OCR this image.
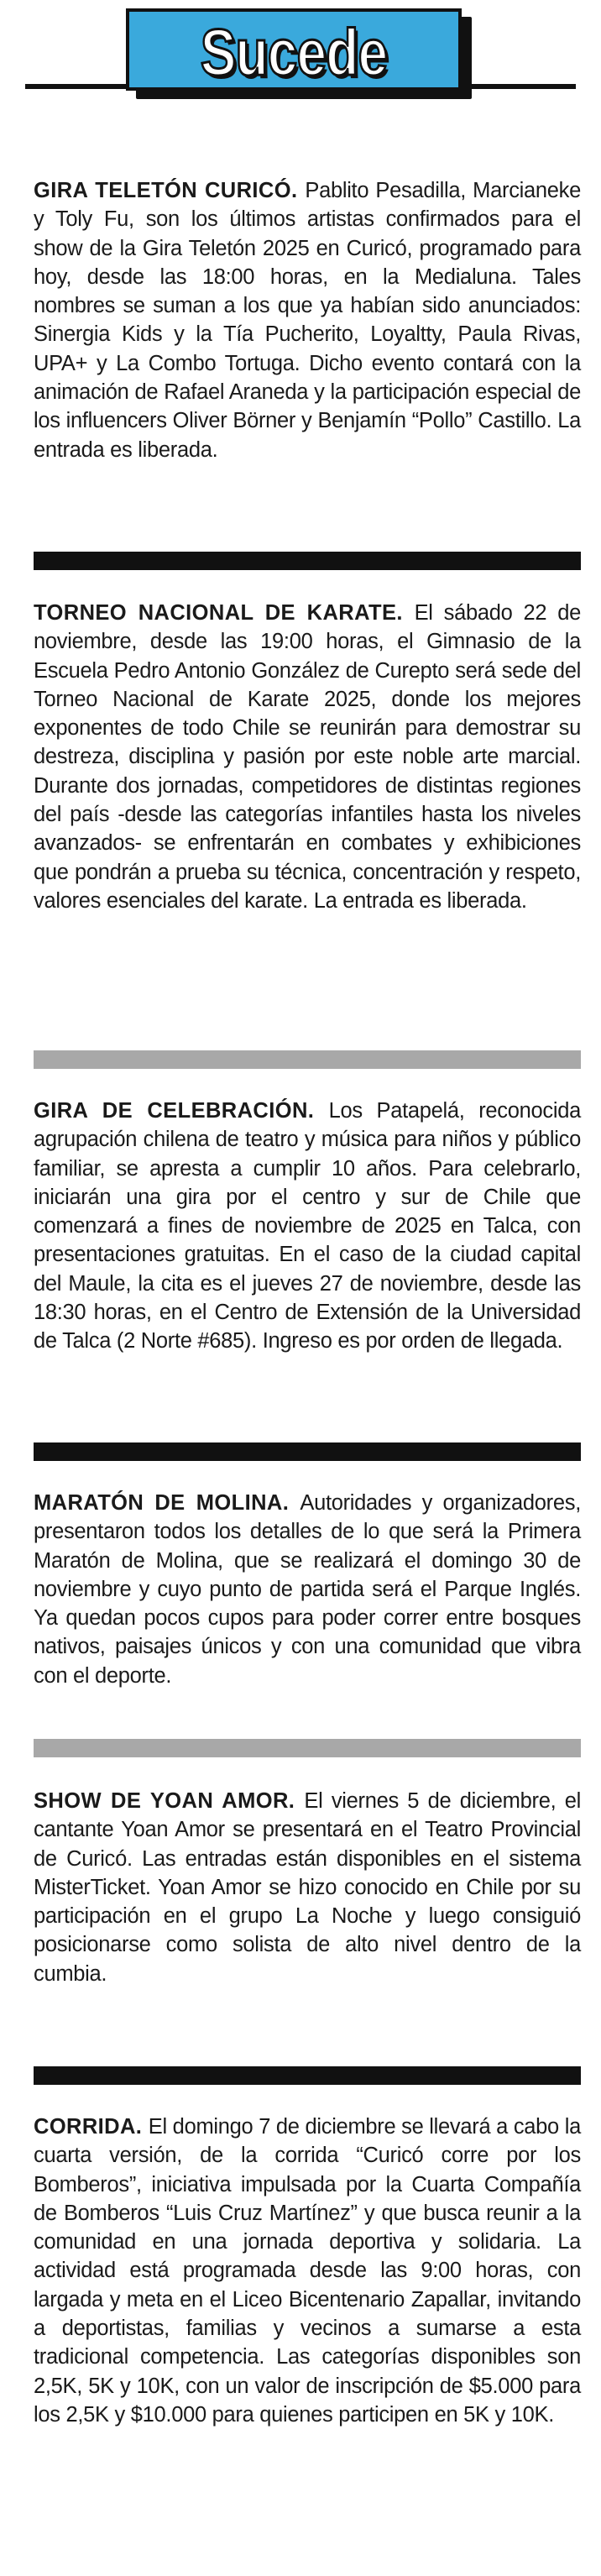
Sucede
GIRA TELETÓN CURICÓ. Pablito Pesadilla, Marcianeke y Toly Fu, son los últimos artistas confirmados para el show de la Gira Teletón 2025 en Curicó, programado para hoy, desde las 18:00 horas, en la Medialuna. Tales nombres se suman a los que ya habían sido anunciados: Sinergia Kids y la Tía Pucherito, Loyaltty, Paula Rivas, UPA+ y La Combo Tortuga. Dicho evento contará con la animación de Rafael Araneda y la participación especial de los influencers Oliver Börner y Benjamín “Pollo” Castillo. La entrada es liberada.
TORNEO NACIONAL DE KARATE. El sábado 22 de noviembre, desde las 19:00 horas, el Gimnasio de la Escuela Pedro Antonio González de Curepto será sede del Torneo Nacional de Karate 2025, donde los mejores exponentes de todo Chile se reunirán para demostrar su destreza, disciplina y pasión por este noble arte marcial. Durante dos jornadas, competidores de distintas regiones del país -desde las categorías infantiles hasta los niveles avanzados- se enfrentarán en combates y exhibiciones que pondrán a prueba su técnica, concentración y respeto, valores esenciales del karate. La entrada es liberada.
GIRA DE CELEBRACIÓN. Los Patapelá, reconocida agrupación chilena de teatro y música para niños y público familiar, se apresta a cumplir 10 años. Para celebrarlo, iniciarán una gira por el centro y sur de Chile que comenzará a fines de noviembre de 2025 en Talca, con presentaciones gratuitas. En el caso de la ciudad capital del Maule, la cita es el jueves 27 de noviembre, desde las 18:30 horas, en el Centro de Extensión de la Universidad de Talca (2 Norte #685). Ingreso es por orden de llegada.
MARATÓN DE MOLINA. Autoridades y organizadores, presentaron todos los detalles de lo que será la Primera Maratón de Molina, que se realizará el domingo 30 de noviembre y cuyo punto de partida será el Parque Inglés. Ya quedan pocos cupos para poder correr entre bosques nativos, paisajes únicos y con una comunidad que vibra con el deporte.
SHOW DE YOAN AMOR. El viernes 5 de diciembre, el cantante Yoan Amor se presentará en el Teatro Provincial de Curicó. Las entradas están disponibles en el sistema MisterTicket. Yoan Amor se hizo conocido en Chile por su participación en el grupo La Noche y luego consiguió posicionarse como solista de alto nivel dentro de la cumbia.
CORRIDA. El domingo 7 de diciembre se llevará a cabo la cuarta versión, de la corrida “Curicó corre por los Bomberos”, iniciativa impulsada por la Cuarta Compañía de Bomberos “Luis Cruz Martínez” y que busca reunir a la comunidad en una jornada deportiva y solidaria. La actividad está programada desde las 9:00 horas, con largada y meta en el Liceo Bicentenario Zapallar, invitando a deportistas, familias y vecinos a sumarse a esta tradicional competencia. Las categorías disponibles son 2,5K, 5K y 10K, con un valor de inscripción de $5.000 para los 2,5K y $10.000 para quienes participen en 5K y 10K.
